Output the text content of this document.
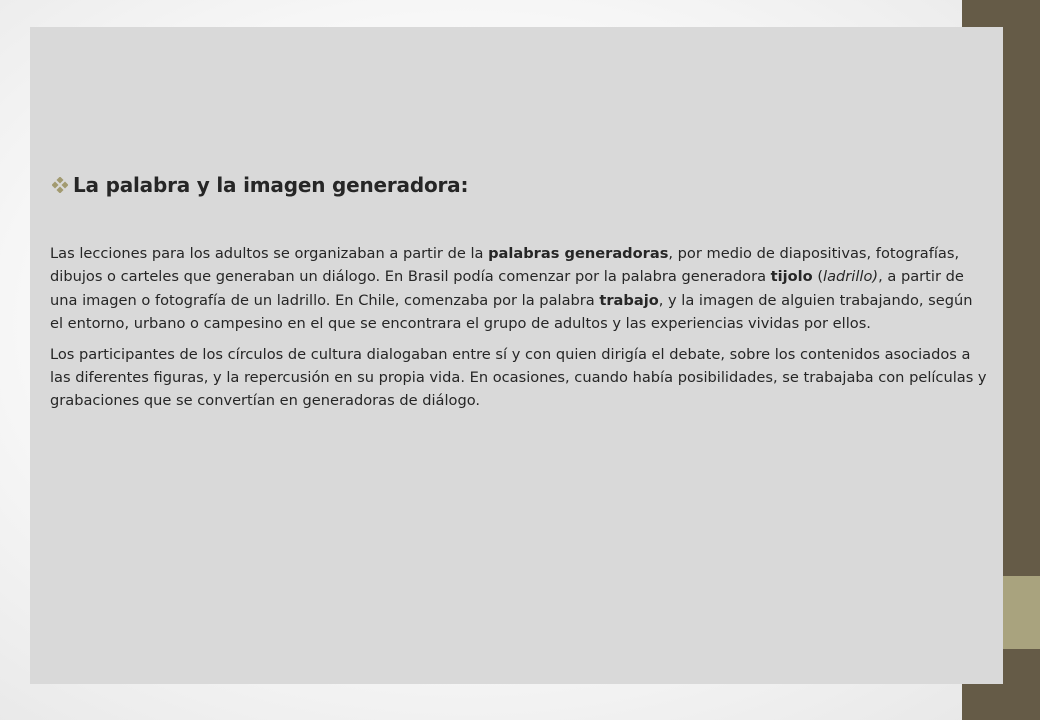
La palabra y la imagen generadora:

Las lecciones para los adultos se organizaban a partir de la palabras generadoras, por medio de diapositivas, fotografías, dibujos o carteles que generaban un diálogo. En Brasil podía comenzar por la palabra generadora tijolo (ladrillo), a partir de una imagen o fotografía de un ladrillo. En Chile, comenzaba por la palabra trabajo, y la imagen de alguien trabajando, según el entorno, urbano o campesino en el que se encontrara el grupo de adultos y las experiencias vividas por ellos.

Los participantes de los círculos de cultura dialogaban entre sí y con quien dirigía el debate, sobre los contenidos asociados a las diferentes figuras, y la repercusión en su propia vida. En ocasiones, cuando había posibilidades, se trabajaba con películas y grabaciones que se convertían en generadoras de diálogo.
